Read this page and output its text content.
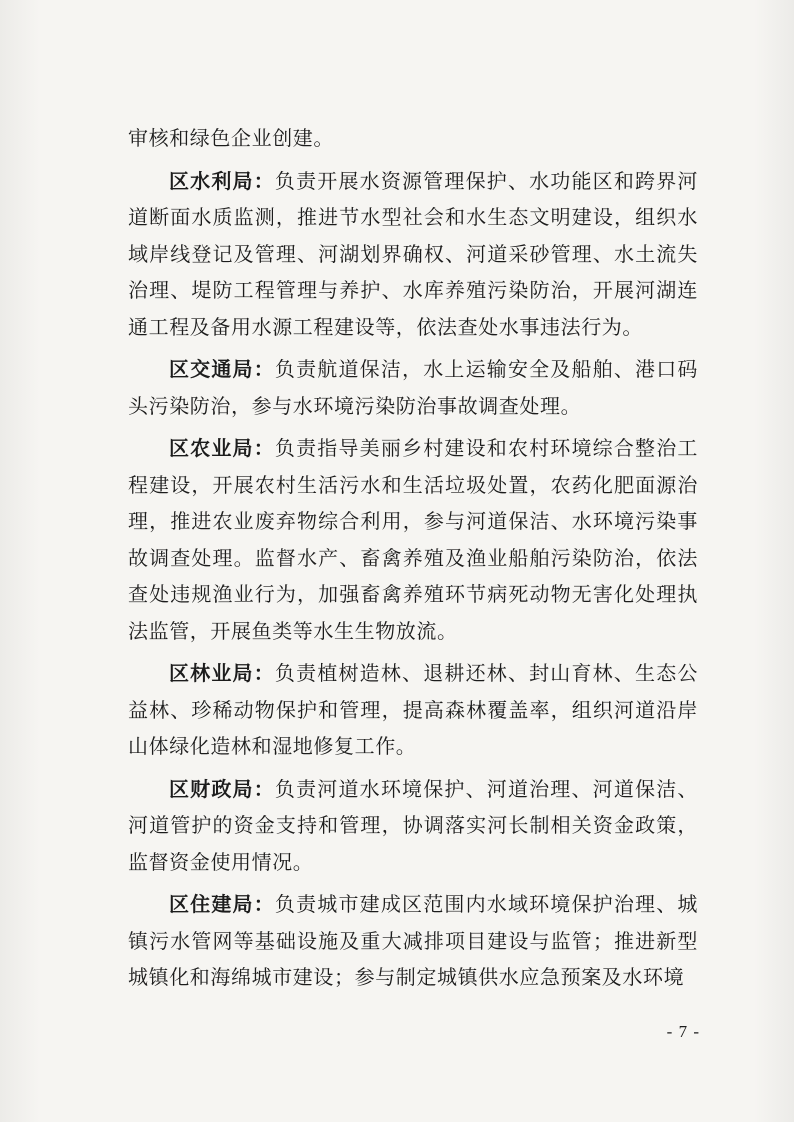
审核和绿色企业创建。

区水利局：负责开展水资源管理保护、水功能区和跨界河道断面水质监测，推进节水型社会和水生态文明建设，组织水域岸线登记及管理、河湖划界确权、河道采砂管理、水土流失治理、堤防工程管理与养护、水库养殖污染防治，开展河湖连通工程及备用水源工程建设等，依法查处水事违法行为。

区交通局：负责航道保洁，水上运输安全及船舶、港口码头污染防治，参与水环境污染防治事故调查处理。

区农业局：负责指导美丽乡村建设和农村环境综合整治工程建设，开展农村生活污水和生活垃圾处置，农药化肥面源治理，推进农业废弃物综合利用，参与河道保洁、水环境污染事故调查处理。监督水产、畜禽养殖及渔业船舶污染防治，依法查处违规渔业行为，加强畜禽养殖环节病死动物无害化处理执法监管，开展鱼类等水生生物放流。

区林业局：负责植树造林、退耕还林、封山育林、生态公益林、珍稀动物保护和管理，提高森林覆盖率，组织河道沿岸山体绿化造林和湿地修复工作。

区财政局：负责河道水环境保护、河道治理、河道保洁、河道管护的资金支持和管理，协调落实河长制相关资金政策，监督资金使用情况。

区住建局：负责城市建成区范围内水域环境保护治理、城镇污水管网等基础设施及重大减排项目建设与监管；推进新型城镇化和海绵城市建设；参与制定城镇供水应急预案及水环境

- 7 -
